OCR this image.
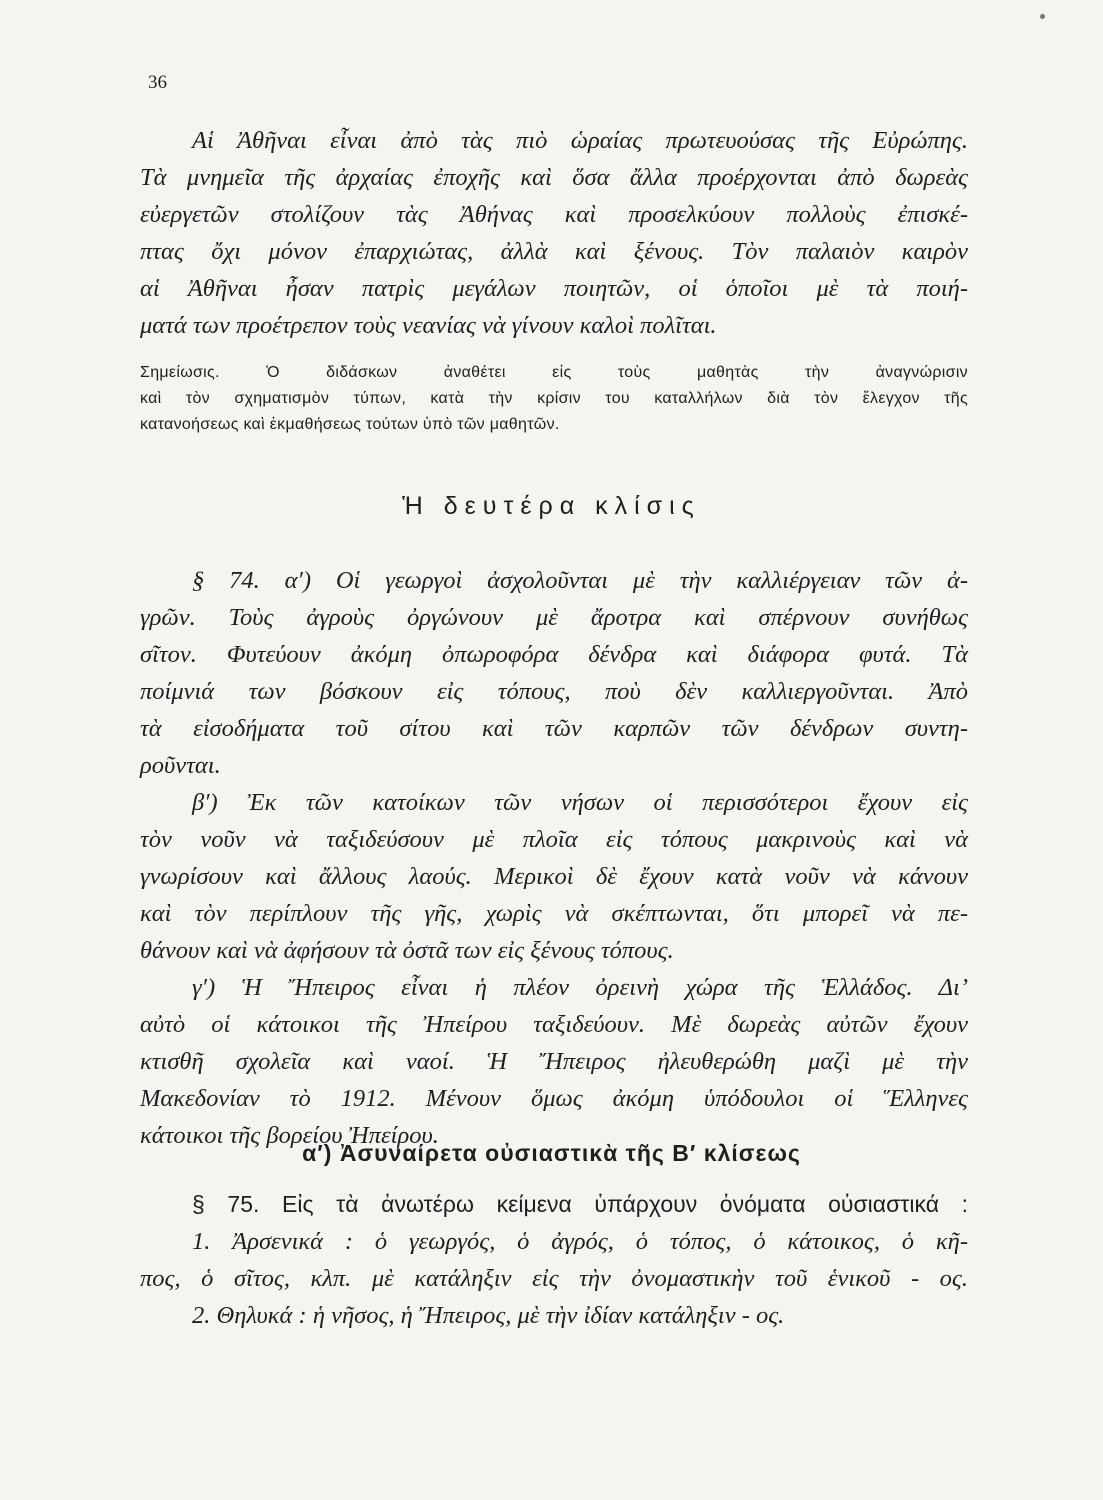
36
Αἱ Ἀθῆναι εἶναι ἀπὸ τὰς πιὸ ὡραίας πρωτευούσας τῆς Εὐρώπης.
Τὰ μνημεῖα τῆς ἀρχαίας ἐποχῆς καὶ ὅσα ἄλλα προέρχονται ἀπὸ δωρεὰς
εὐεργετῶν στολίζουν τὰς Ἀθήνας καὶ προσελκύουν πολλοὺς ἐπισκέ-
πτας ὄχι μόνον ἐπαρχιώτας, ἀλλὰ καὶ ξένους. Τὸν παλαιὸν καιρὸν
αἱ Ἀθῆναι ἦσαν πατρὶς μεγάλων ποιητῶν, οἱ ὁποῖοι μὲ τὰ ποιή-
ματά των προέτρεπον τοὺς νεανίας νὰ γίνουν καλοὶ πολῖται.
Σημείωσις. Ὁ διδάσκων ἀναθέτει εἰς τοὺς μαθητὰς τὴν ἀναγνώρισιν
καὶ τὸν σχηματισμὸν τύπων, κατὰ τὴν κρίσιν του καταλλήλων διὰ τὸν ἔλεγχον τῆς
κατανοήσεως καὶ ἐκμαθήσεως τούτων ὑπὸ τῶν μαθητῶν.
Ἡ δευτέρα κλίσις
§ 74. α′) Οἱ γεωργοὶ ἀσχολοῦνται μὲ τὴν καλλιέργειαν τῶν ἀ-
γρῶν. Τοὺς ἀγροὺς ὀργώνουν μὲ ἄροτρα καὶ σπέρνουν συνήθως
σῖτον. Φυτεύουν ἀκόμη ὀπωροφόρα δένδρα καὶ διάφορα φυτά. Τὰ
ποίμνιά των βόσκουν εἰς τόπους, ποὺ δὲν καλλιεργοῦνται. Ἀπὸ
τὰ εἰσοδήματα τοῦ σίτου καὶ τῶν καρπῶν τῶν δένδρων συντη-
ροῦνται.
β′) Ἐκ τῶν κατοίκων τῶν νήσων οἱ περισσότεροι ἔχουν εἰς
τὸν νοῦν νὰ ταξιδεύσουν μὲ πλοῖα εἰς τόπους μακρινοὺς καὶ νὰ
γνωρίσουν καὶ ἄλλους λαούς. Μερικοὶ δὲ ἔχουν κατὰ νοῦν νὰ κάνουν
καὶ τὸν περίπλουν τῆς γῆς, χωρὶς νὰ σκέπτωνται, ὅτι μπορεῖ νὰ πε-
θάνουν καὶ νὰ ἀφήσουν τὰ ὀστᾶ των εἰς ξένους τόπους.
γ′) Ἡ Ἤπειρος εἶναι ἡ πλέον ὀρεινὴ χώρα τῆς Ἑλλάδος. Δι’
αὐτὸ οἱ κάτοικοι τῆς Ἠπείρου ταξιδεύουν. Μὲ δωρεὰς αὐτῶν ἔχουν
κτισθῆ σχολεῖα καὶ ναοί. Ἡ Ἤπειρος ἠλευθερώθη μαζὶ μὲ τὴν
Μακεδονίαν τὸ 1912. Μένουν ὅμως ἀκόμη ὑπόδουλοι οἱ Ἕλληνες
κάτοικοι τῆς βορείου Ἠπείρου.
α′) Ἀσυναίρετα οὐσιαστικὰ τῆς Β′ κλίσεως
§ 75. Εἰς τὰ ἀνωτέρω κείμενα ὑπάρχουν ὀνόματα οὐσιαστικά :
1. Ἀρσενικά : ὁ γεωργός, ὁ ἀγρός, ὁ τόπος, ὁ κάτοικος, ὁ κῆ-
πος, ὁ σῖτος, κλπ. μὲ κατάληξιν εἰς τὴν ὀνομαστικὴν τοῦ ἑνικοῦ - ος.
2. Θηλυκά : ἡ νῆσος, ἡ Ἤπειρος, μὲ τὴν ἰδίαν κατάληξιν - ος.
